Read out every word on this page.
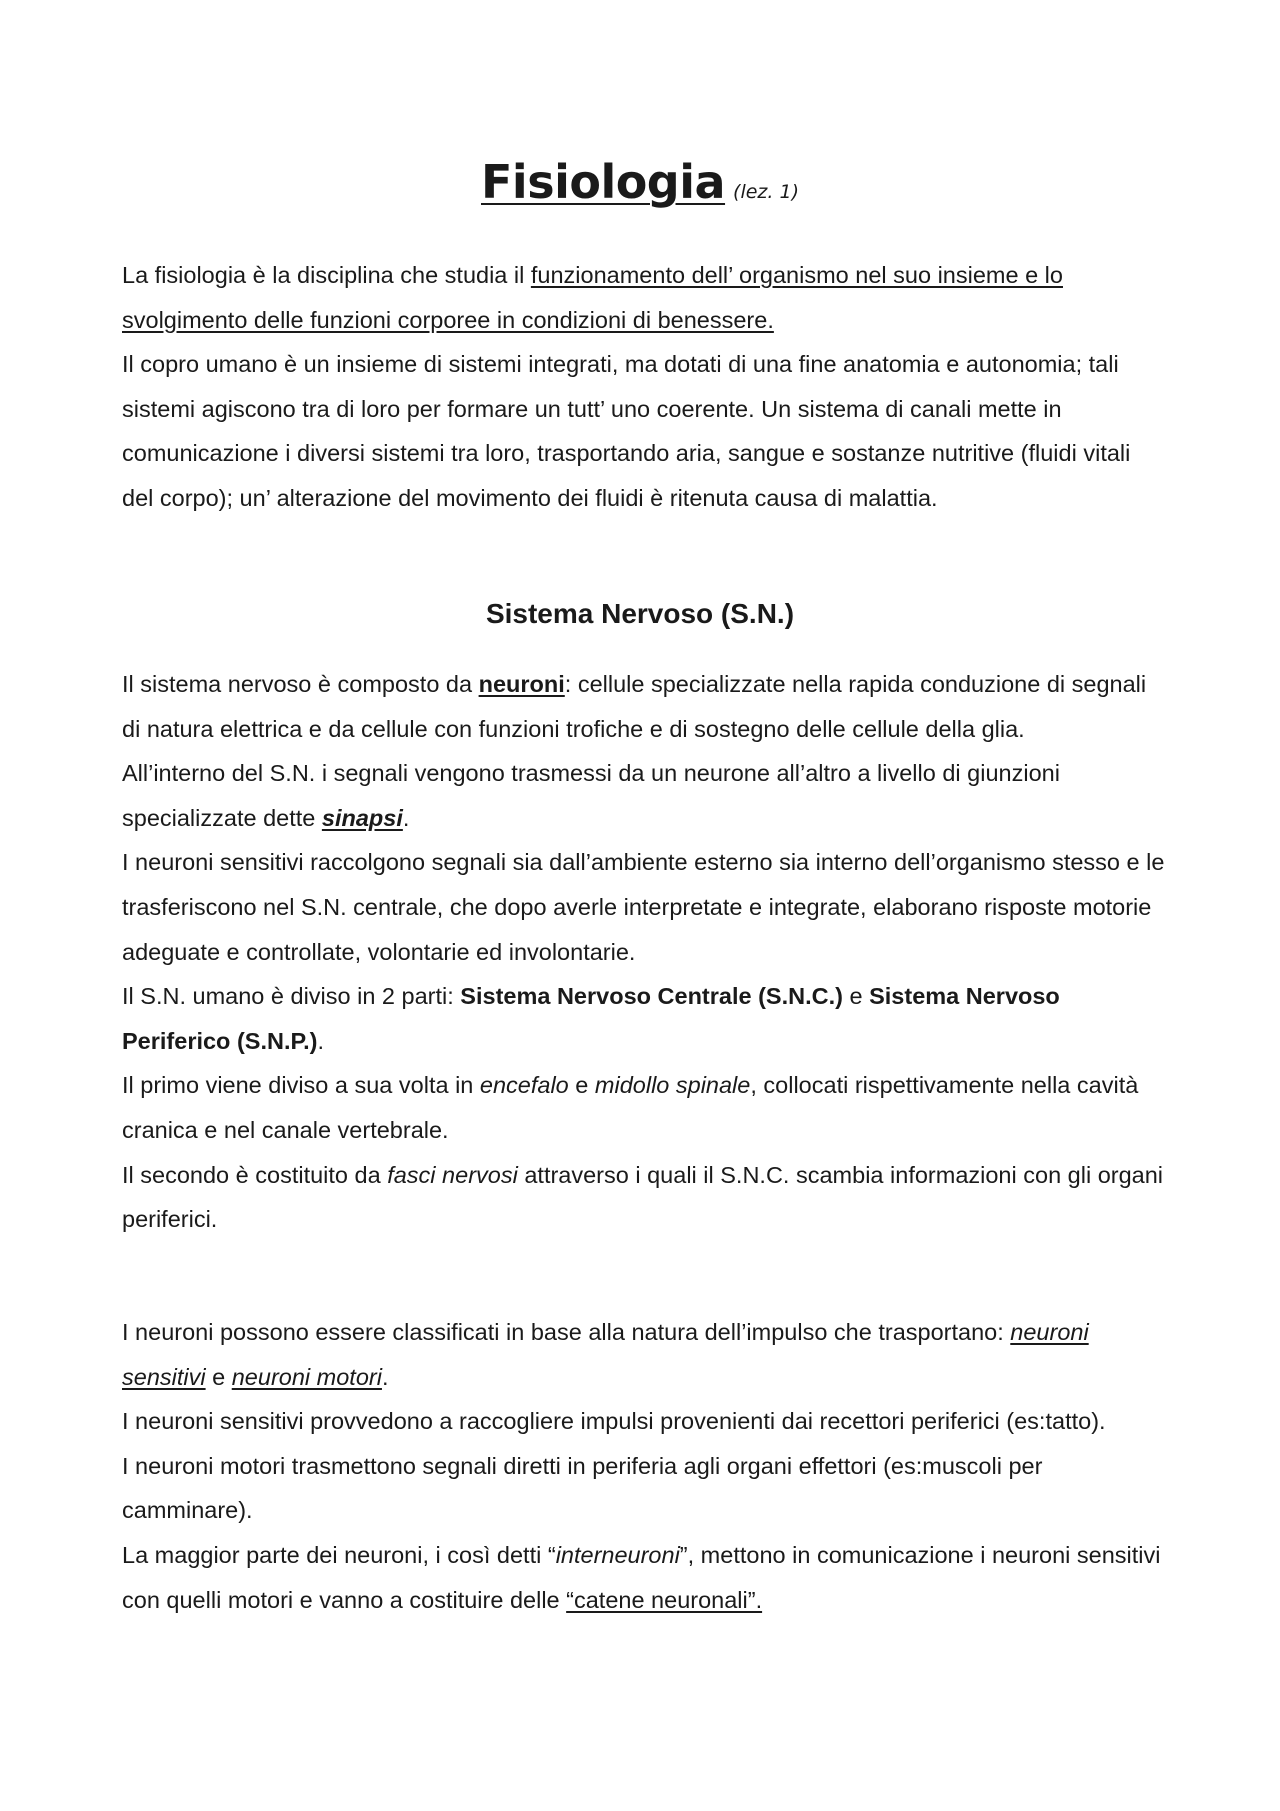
Fisiologia (lez. 1)

La fisiologia è la disciplina che studia il funzionamento dell’ organismo nel suo insieme e lo svolgimento delle funzioni corporee in condizioni di benessere.

Il copro umano è un insieme di sistemi integrati, ma dotati di una fine anatomia e autonomia; tali sistemi agiscono tra di loro per formare un tutt’ uno coerente. Un sistema di canali mette in comunicazione i diversi sistemi tra loro, trasportando aria, sangue e sostanze nutritive (fluidi vitali del corpo); un’ alterazione del movimento dei fluidi è ritenuta causa di malattia.

Sistema Nervoso (S.N.)

Il sistema nervoso è composto da neuroni: cellule specializzate nella rapida conduzione di segnali di natura elettrica e da cellule con funzioni trofiche e di sostegno delle cellule della glia.

All’interno del S.N. i segnali vengono trasmessi da un neurone all’altro a livello di giunzioni specializzate dette sinapsi.

I neuroni sensitivi raccolgono segnali sia dall’ambiente esterno sia interno dell’organismo stesso e le trasferiscono nel S.N. centrale, che dopo averle interpretate e integrate, elaborano risposte motorie adeguate e controllate, volontarie ed involontarie.

Il S.N. umano è diviso in 2 parti: Sistema Nervoso Centrale (S.N.C.) e Sistema Nervoso Periferico (S.N.P.).

Il primo viene diviso a sua volta in encefalo e midollo spinale, collocati rispettivamente nella cavità cranica e nel canale vertebrale.

Il secondo è costituito da fasci nervosi attraverso i quali il S.N.C. scambia informazioni con gli organi periferici.

I neuroni possono essere classificati in base alla natura dell’impulso che trasportano: neuroni sensitivi e neuroni motori.

I neuroni sensitivi provvedono a raccogliere impulsi provenienti dai recettori periferici (es:tatto).

I neuroni motori trasmettono segnali diretti in periferia agli organi effettori (es:muscoli per camminare).

La maggior parte dei neuroni, i così detti “interneuroni”, mettono in comunicazione i neuroni sensitivi con quelli motori e vanno a costituire delle “catene neuronali”.
